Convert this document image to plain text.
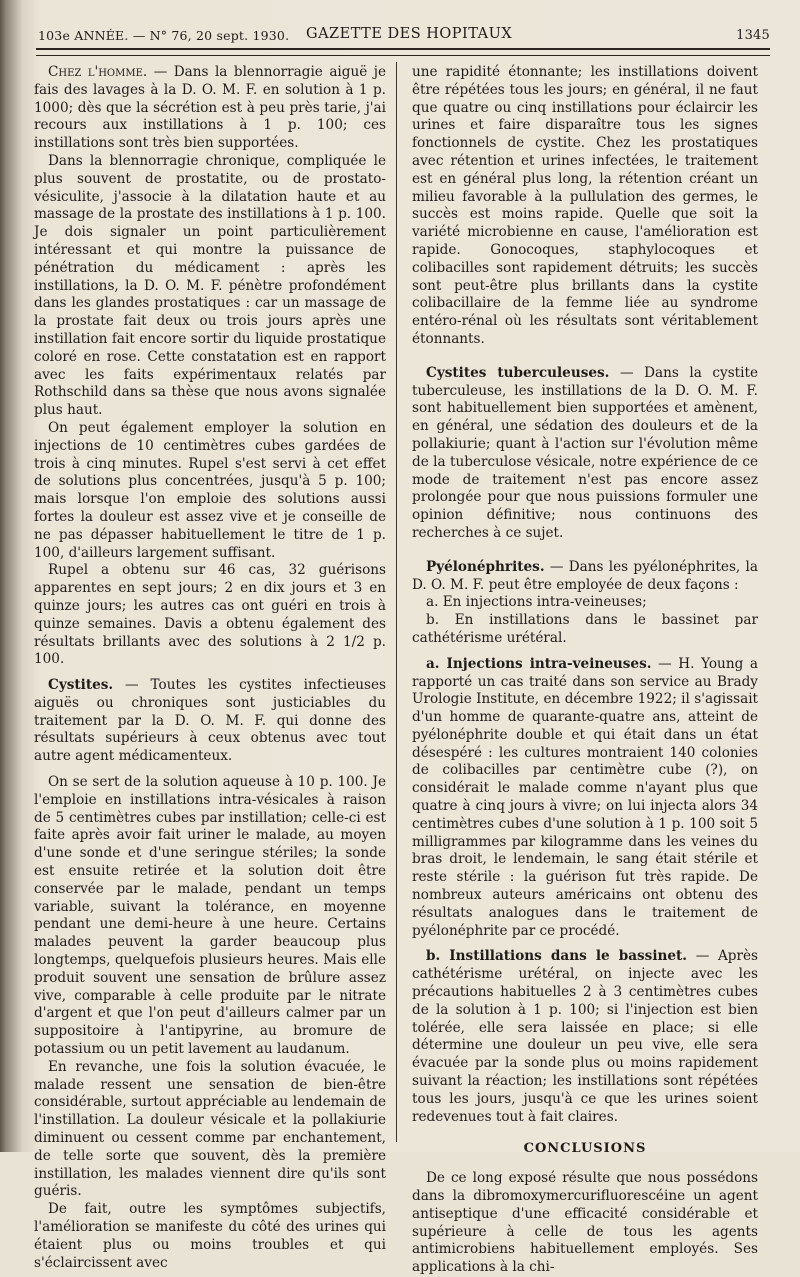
103e ANNÉE. — N° 76, 20 sept. 1930. GAZETTE DES HOPITAUX	1345

Chez l'homme. — Dans la blennorragie aiguë je fais des lavages à la D. O. M. F. en solution à 1 p. 1000; dès que la sécrétion est à peu près tarie, j'ai recours aux instillations à 1 p. 100; ces instillations sont très bien supportées.

Dans la blennorragie chronique, compliquée le plus souvent de prostatite, ou de prostato-vésiculite, j'associe à la dilatation haute et au massage de la prostate des instillations à 1 p. 100. Je dois signaler un point particulièrement intéressant et qui montre la puissance de pénétration du médicament : après les instillations, la D. O. M. F. pénètre profondément dans les glandes prostatiques : car un massage de la prostate fait deux ou trois jours après une instillation fait encore sortir du liquide prostatique coloré en rose. Cette constatation est en rapport avec les faits expérimentaux relatés par Rothschild dans sa thèse que nous avons signalée plus haut.

On peut également employer la solution en injections de 10 centimètres cubes gardées de trois à cinq minutes. Rupel s'est servi à cet effet de solutions plus concentrées, jusqu'à 5 p. 100; mais lorsque l'on emploie des solutions aussi fortes la douleur est assez vive et je conseille de ne pas dépasser habituellement le titre de 1 p. 100, d'ailleurs largement suffisant.

Rupel a obtenu sur 46 cas, 32 guérisons apparentes en sept jours; 2 en dix jours et 3 en quinze jours; les autres cas ont guéri en trois à quinze semaines. Davis a obtenu également des résultats brillants avec des solutions à 2 1/2 p. 100.

Cystites. — Toutes les cystites infectieuses aiguës ou chroniques sont justiciables du traitement par la D. O. M. F. qui donne des résultats supérieurs à ceux obtenus avec tout autre agent médicamenteux.

On se sert de la solution aqueuse à 10 p. 100. Je l'emploie en instillations intra-vésicales à raison de 5 centimètres cubes par instillation; celle-ci est faite après avoir fait uriner le malade, au moyen d'une sonde et d'une seringue stériles; la sonde est ensuite retirée et la solution doit être conservée par le malade, pendant un temps variable, suivant la tolérance, en moyenne pendant une demi-heure à une heure. Certains malades peuvent la garder beaucoup plus longtemps, quelquefois plusieurs heures. Mais elle produit souvent une sensation de brûlure assez vive, comparable à celle produite par le nitrate d'argent et que l'on peut d'ailleurs calmer par un suppositoire à l'antipyrine, au bromure de potassium ou un petit lavement au laudanum.

En revanche, une fois la solution évacuée, le malade ressent une sensation de bien-être considérable, surtout appréciable au lendemain de l'instillation. La douleur vésicale et la pollakiurie diminuent ou cessent comme par enchantement, de telle sorte que souvent, dès la première instillation, les malades viennent dire qu'ils sont guéris.

De fait, outre les symptômes subjectifs, l'amélioration se manifeste du côté des urines qui étaient plus ou moins troubles et qui s'éclaircissent avec

une rapidité étonnante; les instillations doivent être répétées tous les jours; en général, il ne faut que quatre ou cinq instillations pour éclaircir les urines et faire disparaître tous les signes fonctionnels de cystite. Chez les prostatiques avec rétention et urines infectées, le traitement est en général plus long, la rétention créant un milieu favorable à la pullulation des germes, le succès est moins rapide. Quelle que soit la variété microbienne en cause, l'amélioration est rapide. Gonocoques, staphylocoques et colibacilles sont rapidement détruits; les succès sont peut-être plus brillants dans la cystite colibacillaire de la femme liée au syndrome entéro-rénal où les résultats sont véritablement étonnants.

Cystites tuberculeuses. — Dans la cystite tuberculeuse, les instillations de la D. O. M. F. sont habituellement bien supportées et amènent, en général, une sédation des douleurs et de la pollakiurie; quant à l'action sur l'évolution même de la tuberculose vésicale, notre expérience de ce mode de traitement n'est pas encore assez prolongée pour que nous puissions formuler une opinion définitive; nous continuons des recherches à ce sujet.

Pyélonéphrites. — Dans les pyélonéphrites, la D. O. M. F. peut être employée de deux façons :

a. En injections intra-veineuses;

b. En instillations dans le bassinet par cathétérisme urétéral.

a. Injections intra-veineuses. — H. Young a rapporté un cas traité dans son service au Brady Urologie Institute, en décembre 1922; il s'agissait d'un homme de quarante-quatre ans, atteint de pyélonéphrite double et qui était dans un état désespéré : les cultures montraient 140 colonies de colibacilles par centimètre cube (?), on considérait le malade comme n'ayant plus que quatre à cinq jours à vivre; on lui injecta alors 34 centimètres cubes d'une solution à 1 p. 100 soit 5 milligrammes par kilogramme dans les veines du bras droit, le lendemain, le sang était stérile et reste stérile : la guérison fut très rapide. De nombreux auteurs américains ont obtenu des résultats analogues dans le traitement de pyélonéphrite par ce procédé.

b. Instillations dans le bassinet. — Après cathétérisme urétéral, on injecte avec les précautions habituelles 2 à 3 centimètres cubes de la solution à 1 p. 100; si l'injection est bien tolérée, elle sera laissée en place; si elle détermine une douleur un peu vive, elle sera évacuée par la sonde plus ou moins rapidement suivant la réaction; les instillations sont répétées tous les jours, jusqu'à ce que les urines soient redevenues tout à fait claires.

CONCLUSIONS

De ce long exposé résulte que nous possédons dans la dibromoxymercurifluorescéine un agent antiseptique d'une efficacité considérable et supérieure à celle de tous les agents antimicrobiens habituellement employés. Ses applications à la chi-
